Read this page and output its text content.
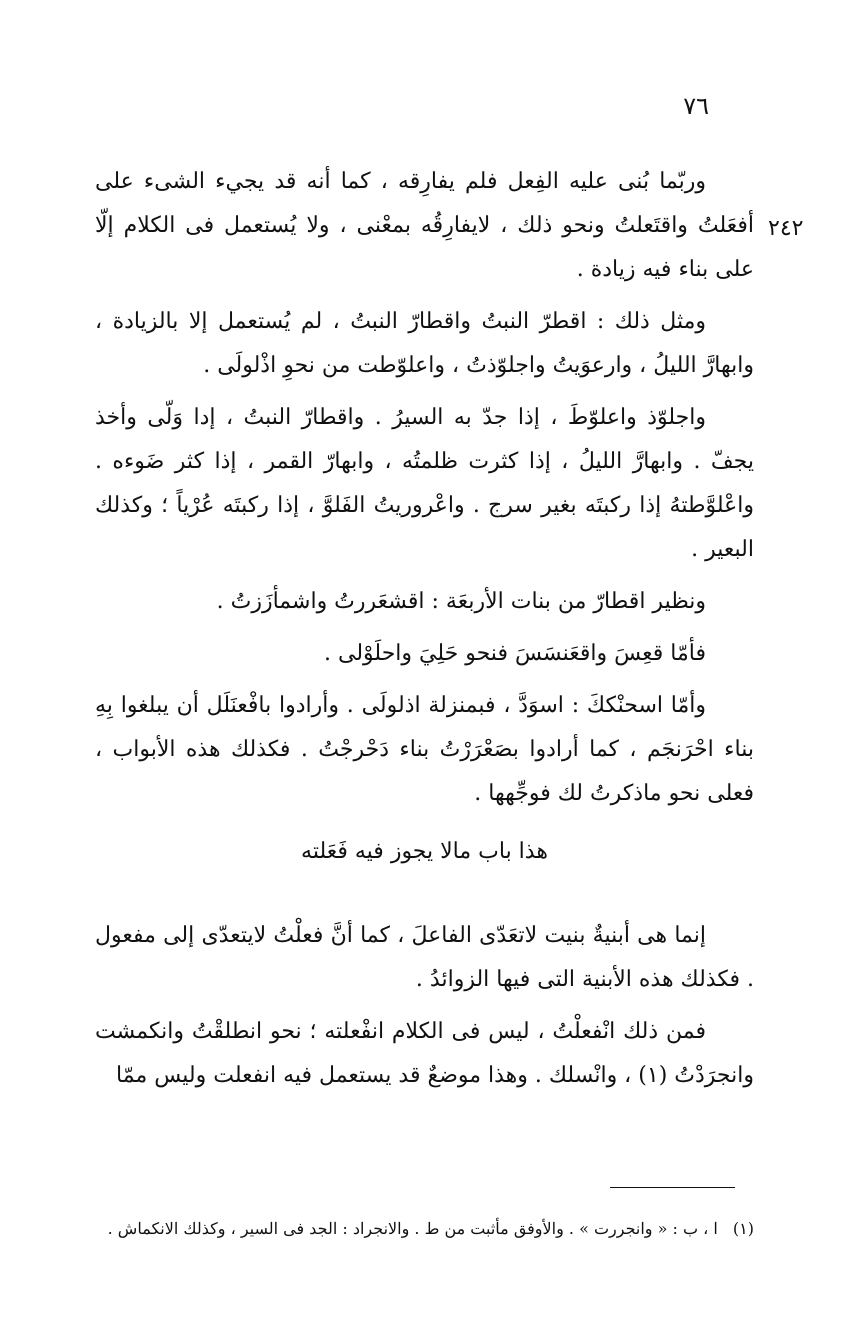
٧٦
٢٤٢

وربّما بُنى عليه الفِعل فلم يفارِقه ، كما أنه قد يجيء الشىء على أفعَلتُ واقتَعلتُ ونحو ذلك ، لايفارِقُه بمعْنى ، ولا يُستعمل فى الكلام إلّا على بناء فيه زيادة .

ومثل ذلك : اقطرّ النبتُ واقطارّ النبتُ ، لم يُستعمل إلا بالزيادة ، وابهارَّ الليلُ ، وارعوَيتُ واجلوّذتُ ، واعلوّطت من نحوِ اذْلولَى .

واجلوّذ واعلوّطَ ، إذا جدّ به السيرُ . واقطارّ النبتُ ، إدا وَلّى وأخذ يجفّ . وابهارَّ الليلُ ، إذا كثرت ظلمتُه ، وابهارّ القمر ، إذا كثر ضَوءه . واعْلوَّطتهُ إذا ركبتَه بغير سرج . واعْروريتُ الفَلوَّ ، إذا ركبتَه عُرْياً ؛ وكذلك البعير .

ونظير اقطارّ من بنات الأربعَة : اقشعَررتُ واشمأزَزتُ .

فأمّا قعِسَ واقعَنسَسَ فنحو حَلِيَ واحلَوْلى .

وأمّا اسحنْككَ : اسوَدَّ ، فبمنزلة اذلولَى . وأرادوا بافْعنَلَل أن يبلغوا بِهِ بناء احْرَنجَم ، كما أرادوا بصَعْرَرْتُ بناء دَحْرجْتُ . فكذلك هذه الأبواب ، فعلى نحو ماذكرتُ لك فوجِّهها .

هذا باب مالا يجوز فيه فَعَلته

إنما هى أبنيةٌ بنيت لاتعَدّى الفاعلَ ، كما أنَّ فعلْتُ لايتعدّى إلى مفعول . فكذلك هذه الأبنية التى فيها الزوائدُ .

فمن ذلك انْفعلْتُ ، ليس فى الكلام انفْعلته ؛ نحو انطلقْتُ وانكمشت وانجرَدْتُ (١) ، وانْسلك . وهذا موضعٌ قد يستعمل فيه انفعلت وليس ممّا

(١) ا ، ب : « وانجررت » . والأوفق مأثبت من ط . والانجراد : الجد فى السير ، وكذلك الانكماش .
